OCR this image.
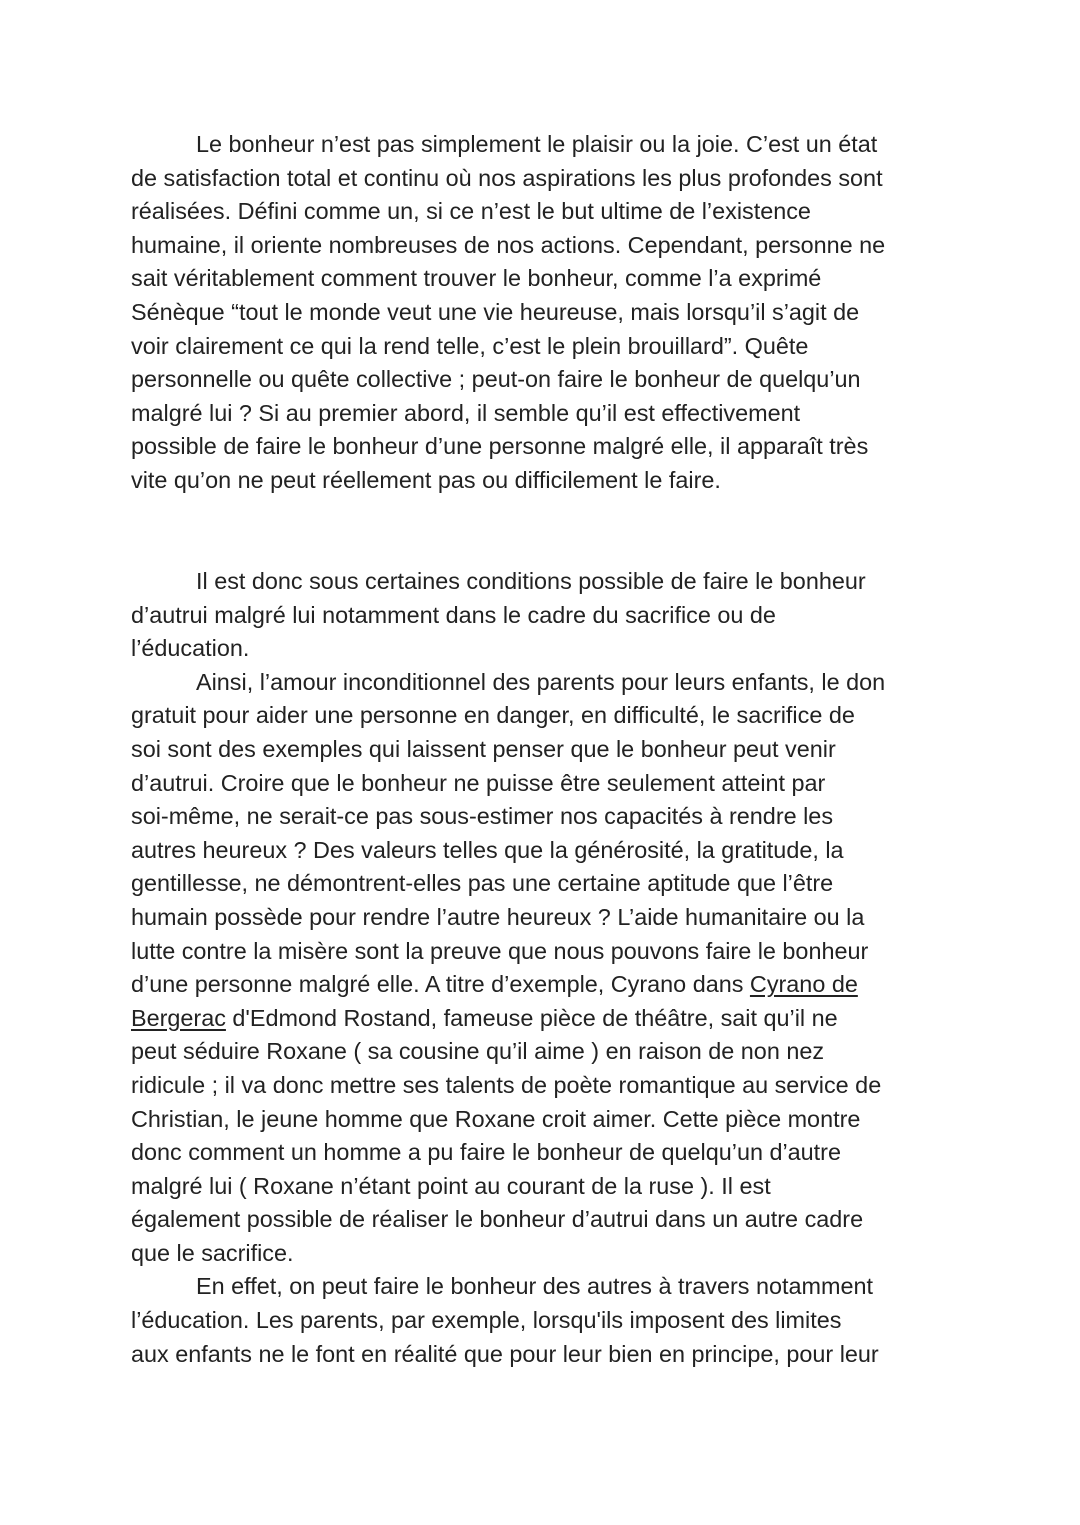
Le bonheur n’est pas simplement le plaisir ou la joie. C’est un état
de satisfaction total et continu où nos aspirations les plus profondes sont
réalisées. Défini comme un, si ce n’est le but ultime de l’existence
humaine, il oriente nombreuses de nos actions. Cependant, personne ne
sait véritablement comment trouver le bonheur, comme l’a exprimé
Sénèque “tout le monde veut une vie heureuse, mais lorsqu’il s’agit de
voir clairement ce qui la rend telle, c’est le plein brouillard”. Quête
personnelle ou quête collective ; peut-on faire le bonheur de quelqu’un
malgré lui ? Si au premier abord, il semble qu’il est effectivement
possible de faire le bonheur d’une personne malgré elle, il apparaît très
vite qu’on ne peut réellement pas ou difficilement le faire.
Il est donc sous certaines conditions possible de faire le bonheur
d’autrui malgré lui notamment dans le cadre du sacrifice ou de
l’éducation.
Ainsi, l’amour inconditionnel des parents pour leurs enfants, le don
gratuit pour aider une personne en danger, en difficulté, le sacrifice de
soi sont des exemples qui laissent penser que le bonheur peut venir
d’autrui. Croire que le bonheur ne puisse être seulement atteint par
soi-même, ne serait-ce pas sous-estimer nos capacités à rendre les
autres heureux ? Des valeurs telles que la générosité, la gratitude, la
gentillesse, ne démontrent-elles pas une certaine aptitude que l’être
humain possède pour rendre l’autre heureux ? L’aide humanitaire ou la
lutte contre la misère sont la preuve que nous pouvons faire le bonheur
d’une personne malgré elle. A titre d’exemple, Cyrano dans Cyrano de
Bergerac d'Edmond Rostand, fameuse pièce de théâtre, sait qu’il ne
peut séduire Roxane ( sa cousine qu’il aime ) en raison de non nez
ridicule ; il va donc mettre ses talents de poète romantique au service de
Christian, le jeune homme que Roxane croit aimer. Cette pièce montre
donc comment un homme a pu faire le bonheur de quelqu’un d’autre
malgré lui ( Roxane n’étant point au courant de la ruse ). Il est
également possible de réaliser le bonheur d’autrui dans un autre cadre
que le sacrifice.
En effet, on peut faire le bonheur des autres à travers notamment
l’éducation. Les parents, par exemple, lorsqu'ils imposent des limites
aux enfants ne le font en réalité que pour leur bien en principe, pour leur
